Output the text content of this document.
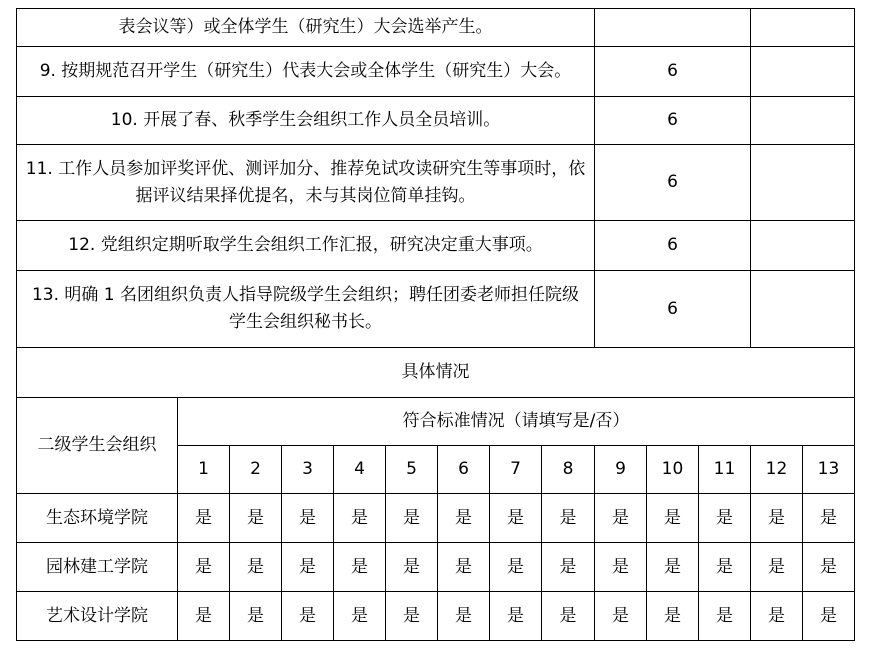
表会议等）或全体学生（研究生）大会选举产生。													

9. 按期规范召开学生（研究生）代表大会或全体学生（研究生）大会。									6				

10. 开展了春、秋季学生会组织工作人员全员培训。									6				

11. 工作人员参加评奖评优、测评加分、推荐免试攻读研究生等事项时，依据评议结果择优提名，未与其岗位简单挂钩。									6				

12. 党组织定期听取学生会组织工作汇报，研究决定重大事项。									6				

13. 明确 1 名团组织负责人指导院级学生会组织；聘任团委老师担任院级学生会组织秘书长。									6				
具体情况													
二级学生会组织	符合标准情况（请填写是/否）												
	1	2	3	4	5	6	7	8	9	10	11	12	13
生态环境学院	是	是	是	是	是	是	是	是	是	是	是	是	是
园林建工学院	是	是	是	是	是	是	是	是	是	是	是	是	是
艺术设计学院	是	是	是	是	是	是	是	是	是	是	是	是	是
